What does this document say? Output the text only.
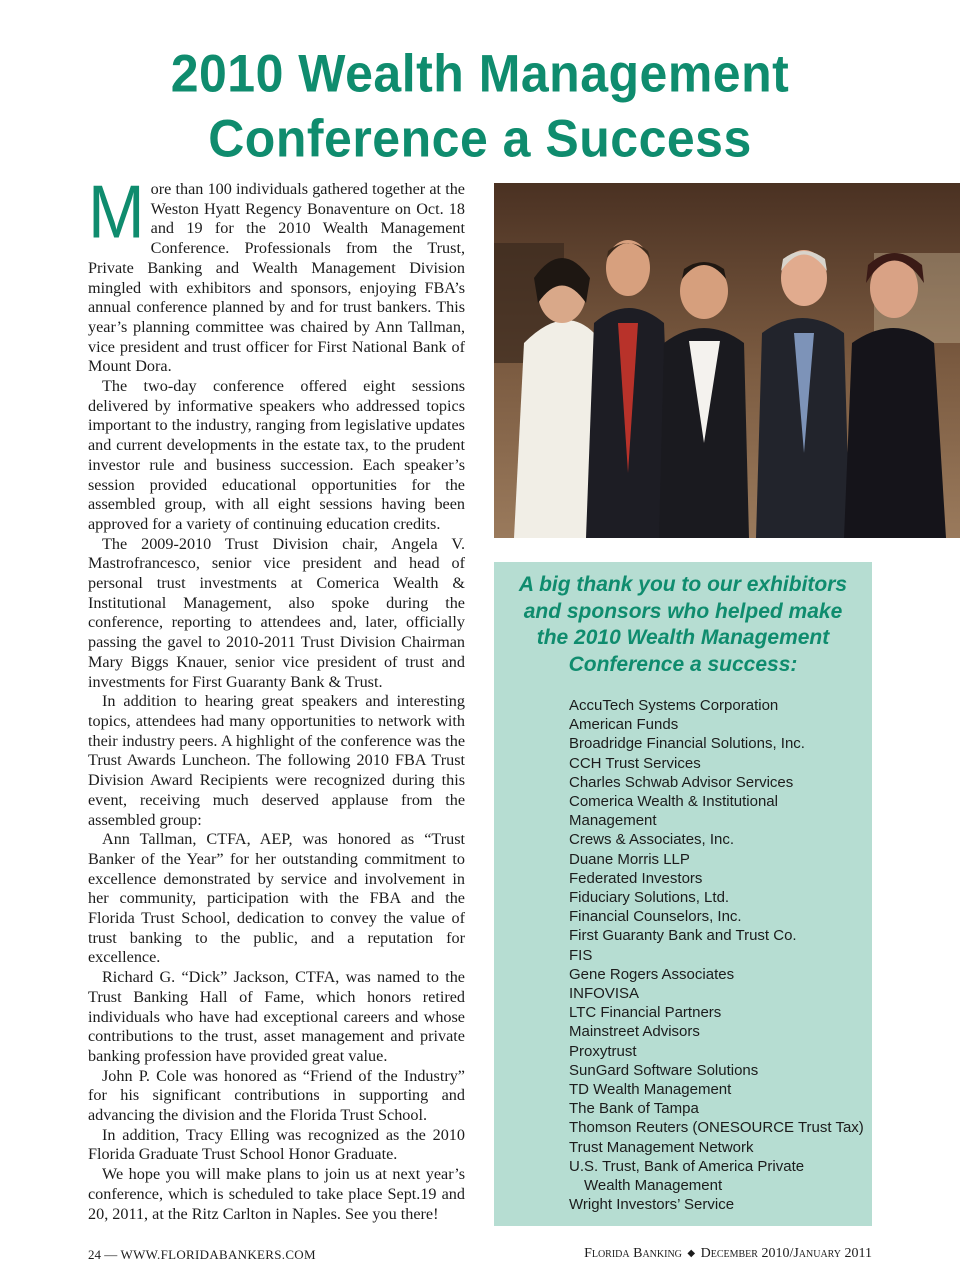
2010 Wealth Management
Conference a Success

More than 100 individuals gathered together at the Weston Hyatt Regency Bonaventure on Oct. 18 and 19 for the 2010 Wealth Management Conference. Professionals from the Trust, Private Banking and Wealth Management Division mingled with exhibitors and sponsors, enjoying FBA’s annual conference planned by and for trust bankers. This year’s planning committee was chaired by Ann Tallman, vice president and trust officer for First National Bank of Mount Dora.

The two-day conference offered eight sessions delivered by informative speakers who addressed topics important to the industry, ranging from legislative updates and current developments in the estate tax, to the prudent investor rule and business succession. Each speaker’s session provided educational opportunities for the assembled group, with all eight sessions having been approved for a variety of continuing education credits.

The 2009-2010 Trust Division chair, Angela V. Mastrofrancesco, senior vice president and head of personal trust investments at Comerica Wealth & Institutional Management, also spoke during the conference, reporting to attendees and, later, officially passing the gavel to 2010-2011 Trust Division Chairman Mary Biggs Knauer, senior vice president of trust and investments for First Guaranty Bank & Trust.

In addition to hearing great speakers and interesting topics, attendees had many opportunities to network with their industry peers. A highlight of the conference was the Trust Awards Luncheon. The following 2010 FBA Trust Division Award Recipients were recognized during this event, receiving much deserved applause from the assembled group:

Ann Tallman, CTFA, AEP, was honored as “Trust Banker of the Year” for her outstanding commitment to excellence demonstrated by service and involvement in her community, participation with the FBA and the Florida Trust School, dedication to convey the value of trust banking to the public, and a reputation for excellence.

Richard G. “Dick” Jackson, CTFA, was named to the Trust Banking Hall of Fame, which honors retired individuals who have had exceptional careers and whose contributions to the trust, asset management and private banking profession have provided great value.

John P. Cole was honored as “Friend of the Industry” for his significant contributions in supporting and advancing the division and the Florida Trust School.

In addition, Tracy Elling was recognized as the 2010 Florida Graduate Trust School Honor Graduate.

We hope you will make plans to join us at next year’s conference, which is scheduled to take place Sept.19 and 20, 2011, at the Ritz Carlton in Naples. See you there!

A big thank you to our exhibitors
and sponsors who helped make
the 2010 Wealth Management
Conference a success:
AccuTech Systems Corporation
American Funds
Broadridge Financial Solutions, Inc.
CCH Trust Services
Charles Schwab Advisor Services
Comerica Wealth & Institutional
Management
Crews & Associates, Inc.
Duane Morris LLP
Federated Investors
Fiduciary Solutions, Ltd.
Financial Counselors, Inc.
First Guaranty Bank and Trust Co.
FIS
Gene Rogers Associates
INFOVISA
LTC Financial Partners
Mainstreet Advisors
Proxytrust
SunGard Software Solutions
TD Wealth Management
The Bank of Tampa
Thomson Reuters (ONESOURCE Trust Tax)
Trust Management Network
U.S. Trust, Bank of America Private
Wealth Management
Wright Investors’ Service
24 — WWW.FLORIDABANKERS.COM	Florida Banking ◆ December 2010/January 2011
